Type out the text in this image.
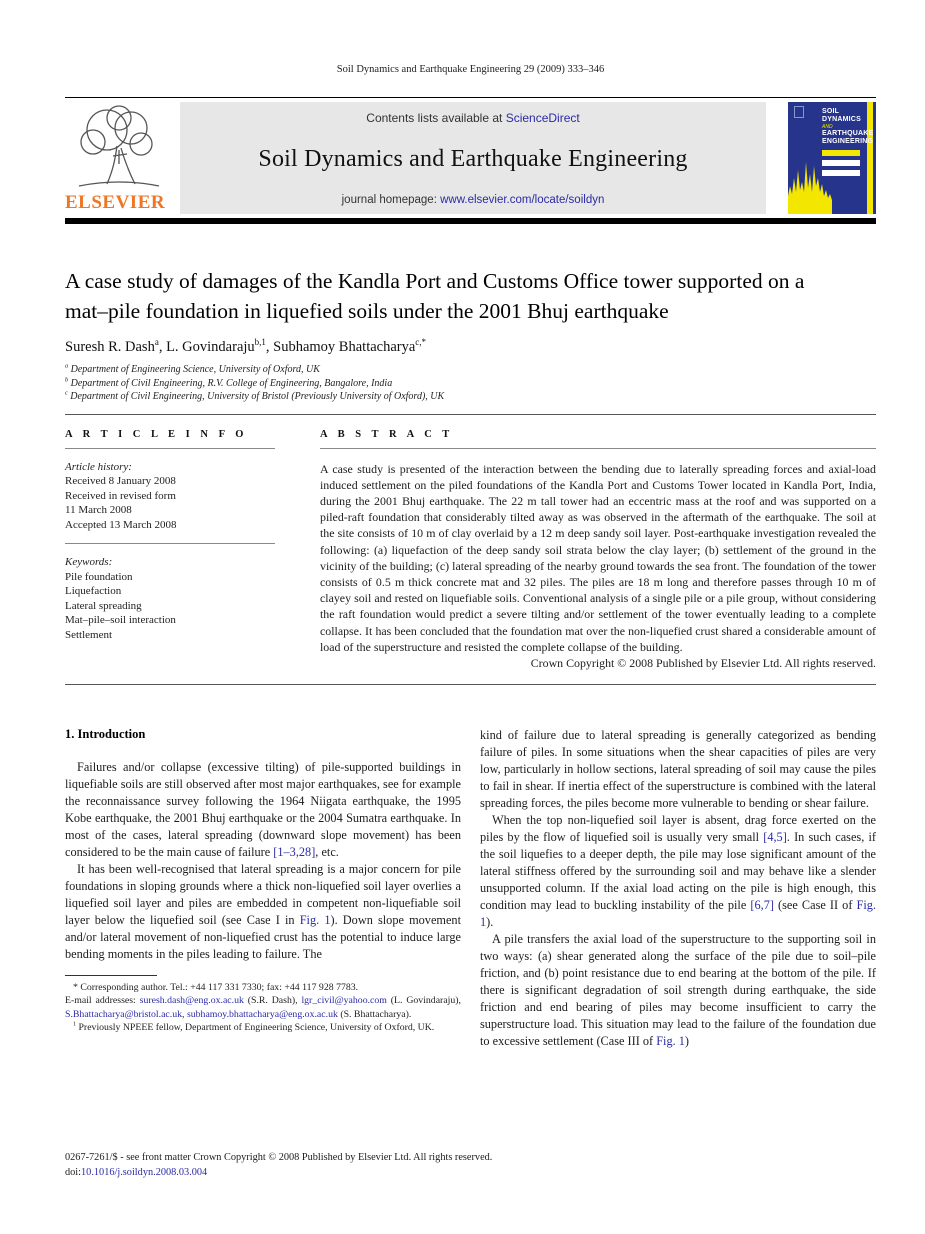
Soil Dynamics and Earthquake Engineering 29 (2009) 333–346
ELSEVIER
Contents lists available at ScienceDirect
Soil Dynamics and Earthquake Engineering
journal homepage: www.elsevier.com/locate/soildyn
SOIL
DYNAMICS
AND
EARTHQUAKE
ENGINEERING
A case study of damages of the Kandla Port and Customs Office tower supported on a mat–pile foundation in liquefied soils under the 2001 Bhuj earthquake
Suresh R. Dash$^a$, L. Govindaraju$^{b,1}$, Subhamoy Bhattacharya$^{c,*}$
$^a$ Department of Engineering Science, University of Oxford, UK
$^b$ Department of Civil Engineering, R.V. College of Engineering, Bangalore, India
$^c$ Department of Civil Engineering, University of Bristol (Previously University of Oxford), UK
A R T I C L E I N F O
Article history:
Received 8 January 2008
Received in revised form
11 March 2008
Accepted 13 March 2008
Keywords:
Pile foundation
Liquefaction
Lateral spreading
Mat–pile–soil interaction
Settlement
A B S T R A C T

A case study is presented of the interaction between the bending due to laterally spreading forces and axial-load induced settlement on the piled foundations of the Kandla Port and Customs Tower located in Kandla Port, India, during the 2001 Bhuj earthquake. The 22 m tall tower had an eccentric mass at the roof and was supported on a piled-raft foundation that considerably tilted away as was observed in the aftermath of the earthquake. The soil at the site consists of 10 m of clay overlaid by a 12 m deep sandy soil layer. Post-earthquake investigation revealed the following: (a) liquefaction of the deep sandy soil strata below the clay layer; (b) settlement of the ground in the vicinity of the building; (c) lateral spreading of the nearby ground towards the sea front. The foundation of the tower consists of 0.5 m thick concrete mat and 32 piles. The piles are 18 m long and therefore passes through 10 m of clayey soil and rested on liquefiable soils. Conventional analysis of a single pile or a pile group, without considering the raft foundation would predict a severe tilting and/or settlement of the tower eventually leading to a complete collapse. It has been concluded that the foundation mat over the non-liquefied crust shared a considerable amount of load of the superstructure and resisted the complete collapse of the building.

Crown Copyright © 2008 Published by Elsevier Ltd. All rights reserved.
1. Introduction

Failures and/or collapse (excessive tilting) of pile-supported buildings in liquefiable soils are still observed after most major earthquakes, see for example the reconnaissance survey following the 1964 Niigata earthquake, the 1995 Kobe earthquake, the 2001 Bhuj earthquake or the 2004 Sumatra earthquake. In most of the cases, lateral spreading (downward slope movement) has been considered to be the main cause of failure [1–3,28], etc.

It has been well-recognised that lateral spreading is a major concern for pile foundations in sloping grounds where a thick non-liquefied soil layer overlies a liquefied soil layer and piles are embedded in competent non-liquefiable soil layer below the liquefied soil (see Case I in Fig. 1). Down slope movement and/or lateral movement of non-liquefied crust has the potential to induce large bending moments in the piles leading to failure. The

* Corresponding author. Tel.: +44 117 331 7330; fax: +44 117 928 7783.
E-mail addresses: suresh.dash@eng.ox.ac.uk (S.R. Dash), lgr_civil@yahoo.com (L. Govindaraju), S.Bhattacharya@bristol.ac.uk, subhamoy.bhattacharya@eng.ox.ac.uk (S. Bhattacharya).
$^1$ Previously NPEEE fellow, Department of Engineering Science, University of Oxford, UK.

kind of failure due to lateral spreading is generally categorized as bending failure of piles. In some situations when the shear capacities of piles are very low, particularly in hollow sections, lateral spreading of soil may cause the piles to fail in shear. If inertia effect of the superstructure is combined with the lateral spreading forces, the piles become more vulnerable to bending or shear failure.

When the top non-liquefied soil layer is absent, drag force exerted on the piles by the flow of liquefied soil is usually very small [4,5]. In such cases, if the soil liquefies to a deeper depth, the pile may lose significant amount of the lateral stiffness offered by the surrounding soil and may behave like a slender unsupported column. If the axial load acting on the pile is high enough, this condition may lead to buckling instability of the pile [6,7] (see Case II of Fig. 1).

A pile transfers the axial load of the superstructure to the supporting soil in two ways: (a) shear generated along the surface of the pile due to soil–pile friction, and (b) point resistance due to end bearing at the bottom of the pile. If there is significant degradation of soil strength during earthquake, the side friction and end bearing of piles may become insufficient to carry the superstructure load. This situation may lead to the failure of the foundation due to excessive settlement (Case III of Fig. 1)

0267-7261/$ - see front matter Crown Copyright © 2008 Published by Elsevier Ltd. All rights reserved.
doi:10.1016/j.soildyn.2008.03.004
